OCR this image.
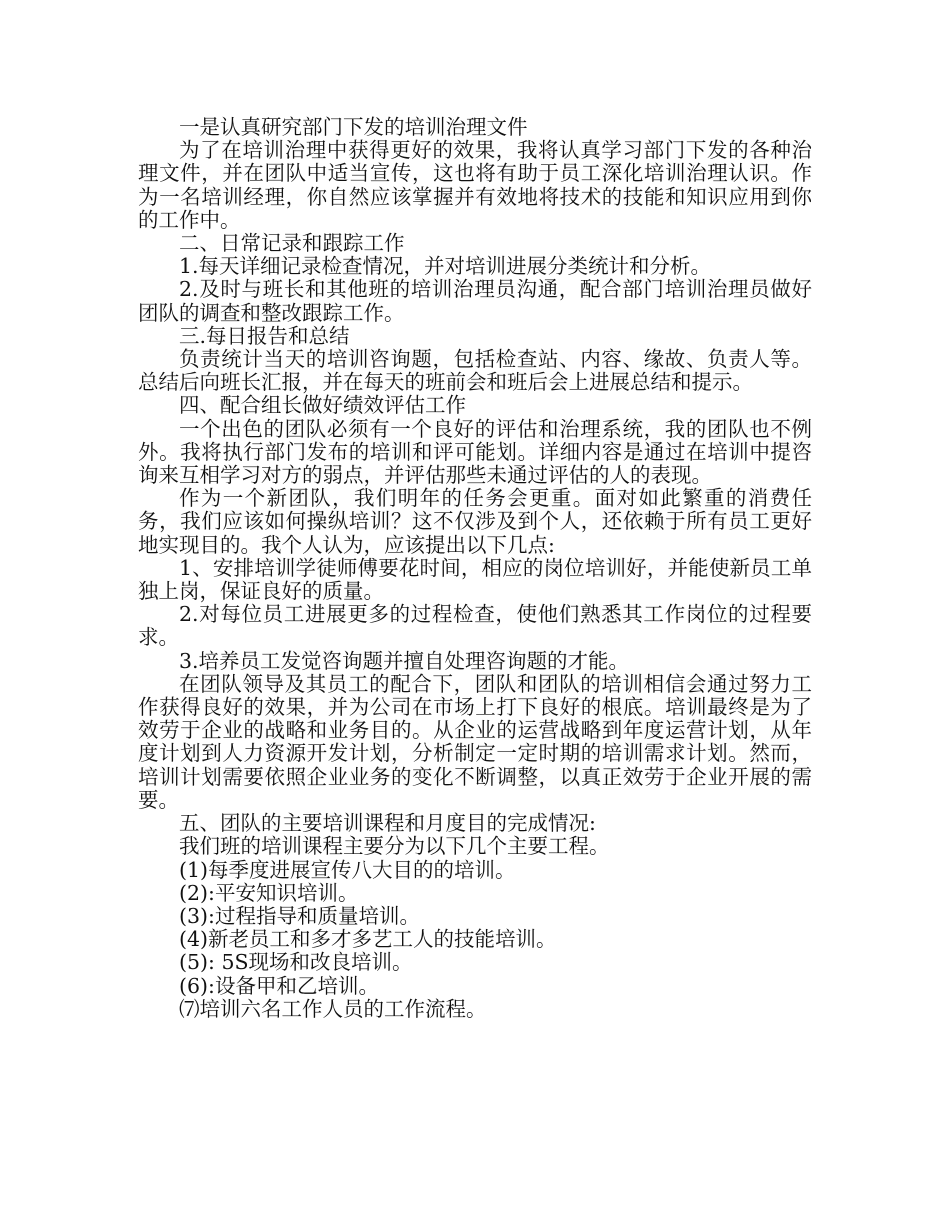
一是认真研究部门下发的培训治理文件

为了在培训治理中获得更好的效果，我将认真学习部门下发的各种治理文件，并在团队中适当宣传，这也将有助于员工深化培训治理认识。作为一名培训经理，你自然应该掌握并有效地将技术的技能和知识应用到你的工作中。

二、日常记录和跟踪工作

1.每天详细记录检查情况，并对培训进展分类统计和分析。

2.及时与班长和其他班的培训治理员沟通，配合部门培训治理员做好团队的调查和整改跟踪工作。

三.每日报告和总结

负责统计当天的培训咨询题，包括检查站、内容、缘故、负责人等。总结后向班长汇报，并在每天的班前会和班后会上进展总结和提示。

四、配合组长做好绩效评估工作

一个出色的团队必须有一个良好的评估和治理系统，我的团队也不例外。我将执行部门发布的培训和评可能划。详细内容是通过在培训中提咨询来互相学习对方的弱点，并评估那些未通过评估的人的表现。

作为一个新团队，我们明年的任务会更重。面对如此繁重的消费任务，我们应该如何操纵培训？这不仅涉及到个人，还依赖于所有员工更好地实现目的。我个人认为，应该提出以下几点:

1、安排培训学徒师傅要花时间，相应的岗位培训好，并能使新员工单独上岗，保证良好的质量。

2.对每位员工进展更多的过程检查，使他们熟悉其工作岗位的过程要求。

3.培养员工发觉咨询题并擅自处理咨询题的才能。

在团队领导及其员工的配合下，团队和团队的培训相信会通过努力工作获得良好的效果，并为公司在市场上打下良好的根底。培训最终是为了效劳于企业的战略和业务目的。从企业的运营战略到年度运营计划，从年度计划到人力资源开发计划，分析制定一定时期的培训需求计划。然而，培训计划需要依照企业业务的变化不断调整，以真正效劳于企业开展的需要。

五、团队的主要培训课程和月度目的完成情况:

我们班的培训课程主要分为以下几个主要工程。

(1)每季度进展宣传八大目的的培训。

(2):平安知识培训。

(3):过程指导和质量培训。

(4)新老员工和多才多艺工人的技能培训。

(5): 5S现场和改良培训。

(6):设备甲和乙培训。

⑺培训六名工作人员的工作流程。
